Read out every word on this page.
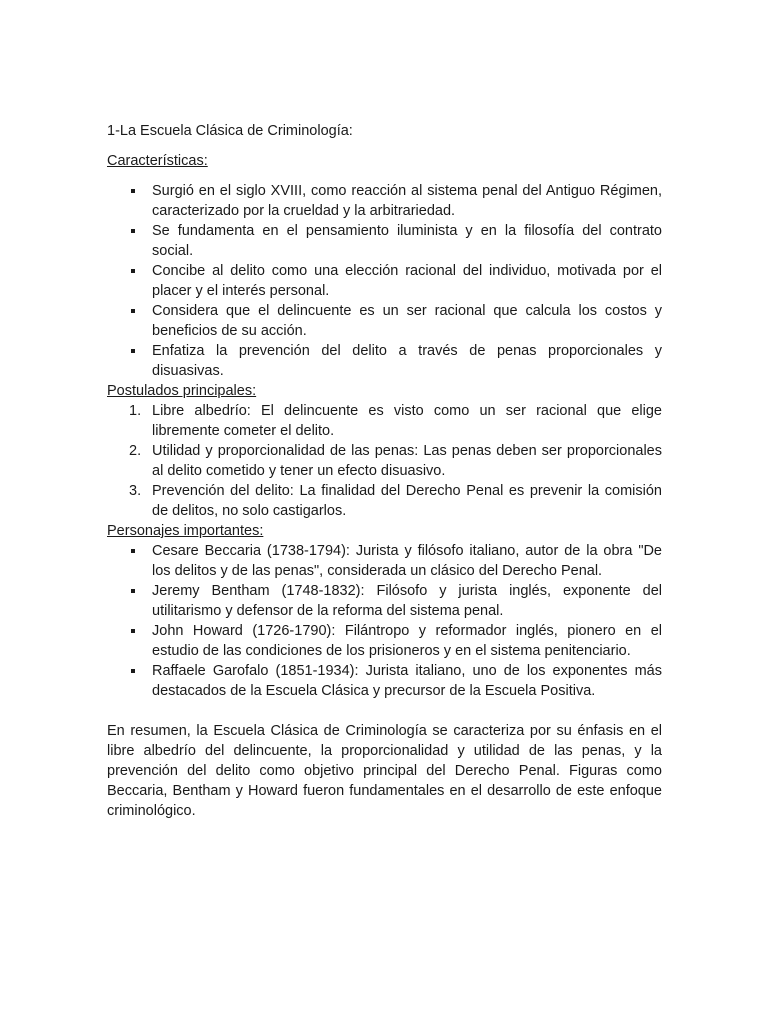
1-La Escuela Clásica de Criminología:
Características:
Surgió en el siglo XVIII, como reacción al sistema penal del Antiguo Régimen, caracterizado por la crueldad y la arbitrariedad.
Se fundamenta en el pensamiento iluminista y en la filosofía del contrato social.
Concibe al delito como una elección racional del individuo, motivada por el placer y el interés personal.
Considera que el delincuente es un ser racional que calcula los costos y beneficios de su acción.
Enfatiza la prevención del delito a través de penas proporcionales y disuasivas.
Postulados principales:
1. Libre albedrío: El delincuente es visto como un ser racional que elige libremente cometer el delito.
2. Utilidad y proporcionalidad de las penas: Las penas deben ser proporcionales al delito cometido y tener un efecto disuasivo.
3. Prevención del delito: La finalidad del Derecho Penal es prevenir la comisión de delitos, no solo castigarlos.
Personajes importantes:
Cesare Beccaria (1738-1794): Jurista y filósofo italiano, autor de la obra "De los delitos y de las penas", considerada un clásico del Derecho Penal.
Jeremy Bentham (1748-1832): Filósofo y jurista inglés, exponente del utilitarismo y defensor de la reforma del sistema penal.
John Howard (1726-1790): Filántropo y reformador inglés, pionero en el estudio de las condiciones de los prisioneros y en el sistema penitenciario.
Raffaele Garofalo (1851-1934): Jurista italiano, uno de los exponentes más destacados de la Escuela Clásica y precursor de la Escuela Positiva.

En resumen, la Escuela Clásica de Criminología se caracteriza por su énfasis en el libre albedrío del delincuente, la proporcionalidad y utilidad de las penas, y la prevención del delito como objetivo principal del Derecho Penal. Figuras como Beccaria, Bentham y Howard fueron fundamentales en el desarrollo de este enfoque criminológico.
